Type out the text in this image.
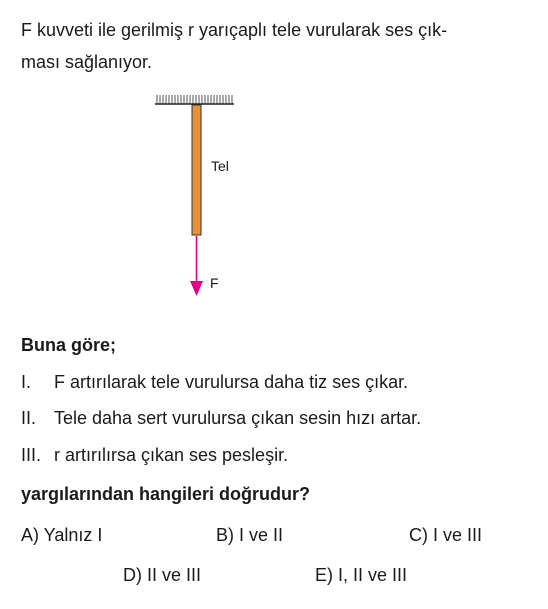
F kuvveti ile gerilmiş r yarıçaplı tele vurularak ses çık-
ması sağlanıyor.

Tel
F
Buna göre;
I. F artırılarak tele vurulursa daha tiz ses çıkar.
II. Tele daha sert vurulursa çıkan sesin hızı artar.
III. r artırılırsa çıkan ses pesleşir.
yargılarından hangileri doğrudur?
A) Yalnız I	B) I ve II	C) I ve III
D) II ve III	E) I, II ve III
